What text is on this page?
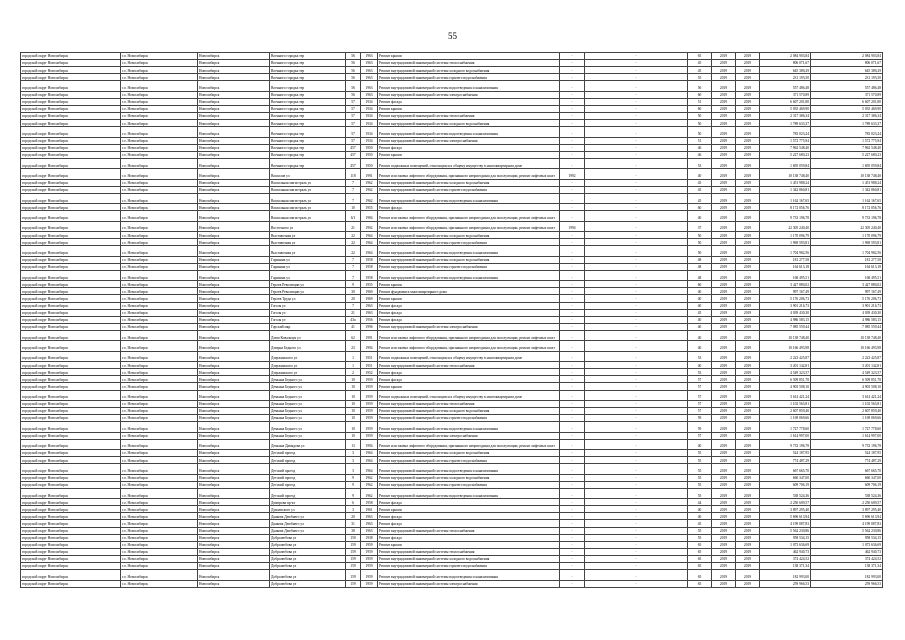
55
городской округ Новосибирск	г.о. Новосибирск	Новосибирск	Военного городка тер	56	1963	Ремонт крыши	-	-	65	2019	2019	2 084 903,84	2 084 903,84
городской округ Новосибирск	г.о. Новосибирск	Новосибирск	Военного городка тер	56	1963	Ремонт внутридомовой инженерной системы теплоснабжения	-	-	45	2019	2019	806 071,67	806 071,67
городской округ Новосибирск	г.о. Новосибирск	Новосибирск	Военного городка тер	56	1963	Ремонт внутридомовой инженерной системы холодного водоснабжения	-	-	45	2019	2019	645 380,29	645 380,29
городской округ Новосибирск	г.о. Новосибирск	Новосибирск	Военного городка тер	56	1963	Ремонт внутридомовой инженерной системы горячего водоснабжения	-	-	55	2019	2019	231 193,50	231 193,50
городской округ Новосибирск	г.о. Новосибирск	Новосибирск	Военного городка тер	56	1963	Ремонт внутридомовой инженерной системы водоотведения и канализования	-	-	56	2019	2019	557 486,48	557 486,48
городской округ Новосибирск	г.о. Новосибирск	Новосибирск	Военного городка тер	56	1963	Ремонт внутридомовой инженерной системы электроснабжения	-	-	60	2019	2019	371 570,89	371 570,89
городской округ Новосибирск	г.о. Новосибирск	Новосибирск	Военного городка тер	57	1934	Ремонт фасада	-	-	51	2019	2019	6 607 201,80	6 607 201,80
городской округ Новосибирск	г.о. Новосибирск	Новосибирск	Военного городка тер	57	1934	Ремонт крыши	-	-	60	2019	2019	5 035 469,90	5 035 469,90
городской округ Новосибирск	г.о. Новосибирск	Новосибирск	Военного городка тер	57	1934	Ремонт внутридомовой инженерной системы теплоснабжения	-	-	50	2019	2019	2 317 386,34	2 317 386,34
городской округ Новосибирск	г.о. Новосибирск	Новосибирск	Военного городка тер	57	1934	Ремонт внутридомовой инженерной системы холодного водоснабжения	-	-	50	2019	2019	1 789 633,37	1 789 633,37
городской округ Новосибирск	г.о. Новосибирск	Новосибирск	Военного городка тер	57	1934	Ремонт внутридомовой инженерной системы водоотведения и канализования	-	-	50	2019	2019	783 023,24	783 023,24
городской округ Новосибирск	г.о. Новосибирск	Новосибирск	Военного городка тер	57	1934	Ремонт внутридомовой инженерной системы электроснабжения	-	-	51	2019	2019	1 572 775,94	1 572 775,94
городской округ Новосибирск	г.о. Новосибирск	Новосибирск	Военного городка тер	457	1950	Ремонт фасада	-	-	46	2019	2019	7 962 548,40	7 962 548,40
городской округ Новосибирск	г.о. Новосибирск	Новосибирск	Военного городка тер	457	1950	Ремонт крыши	-	-	46	2019	2019	5 227 680,23	5 227 680,23
городской округ Новосибирск	г.о. Новосибирск	Новосибирск	Военного городка тер	457	1950	Ремонт подвальных помещений, относящихся к общему имуществу в многоквартирном доме	-	-	53	2019	2019	1 695 059,84	1 695 059,84
городской округ Новосибирск	г.о. Новосибирск	Новосибирск	Вокзалов ул	118	1991	Ремонт или замена лифтового оборудования, признанного непригодным для эксплуатации, ремонт лифтовых шахт	1992	-	40	2019	2019	10 138 748,40	10 138 748,40
городской округ Новосибирск	г.о. Новосибирск	Новосибирск	Вокзальная магистраль ул	7	1962	Ремонт внутридомовой инженерной системы холодного водоснабжения	-	-	45	2019	2019	1 451 988,24	1 451 988,24
городской округ Новосибирск	г.о. Новосибирск	Новосибирск	Вокзальная магистраль ул	7	1962	Ремонт внутридомовой инженерной системы горячего водоснабжения	-	-	45	2019	2019	1 342 860,81	1 342 860,81
городской округ Новосибирск	г.о. Новосибирск	Новосибирск	Вокзальная магистраль ул	7	1962	Ремонт внутридомовой инженерной системы водоотведения и канализования	-	-	45	2019	2019	1 162 167,65	1 162 167,65
городской округ Новосибирск	г.о. Новосибирск	Новосибирск	Вокзальная магистраль ул	10	1955	Ремонт фасада	-	-	60	2019	2019	8 172 056,76	8 172 056,76
городской округ Новосибирск	г.о. Новосибирск	Новосибирск	Вокзальная магистраль ул	6/1	1984	Ремонт или замена лифтового оборудования, признанного непригодным для эксплуатации, ремонт лифтовых шахт	-	-	40	2019	2019	9 733 196,78	9 733 196,78
городской округ Новосибирск	г.о. Новосибирск	Новосибирск	Восточного ул	21	1992	Ремонт или замена лифтового оборудования, признанного непригодным для эксплуатации, ремонт лифтовых шахт	1994	-	37	2019	2019	22 305 240,40	22 305 240,40
городской округ Новосибирск	г.о. Новосибирск	Новосибирск	Выставочная ул	22	1964	Ремонт внутридомовой инженерной системы холодного водоснабжения	-	-	50	2019	2019	1 170 096,79	1 170 096,79
городской округ Новосибирск	г.о. Новосибирск	Новосибирск	Выставочная ул	22	1964	Ремонт внутридомовой инженерной системы горячего водоснабжения	-	-	50	2019	2019	1 969 593,81	1 969 593,81
городской округ Новосибирск	г.о. Новосибирск	Новосибирск	Выставочная ул	22	1964	Ремонт внутридомовой инженерной системы водоотведения и канализования	-	-	50	2019	2019	1 704 982,56	1 704 982,56
городской округ Новосибирск	г.о. Новосибирск	Новосибирск	Гаранина ул	7	1958	Ремонт внутридомовой инженерной системы холодного водоснабжения	-	-	48	2019	2019	181 277,58	181 277,58
городской округ Новосибирск	г.о. Новосибирск	Новосибирск	Гаранина ул	7	1958	Ремонт внутридомовой инженерной системы горячего водоснабжения	-	-	48	2019	2019	164 613,18	164 613,18
городской округ Новосибирск	г.о. Новосибирск	Новосибирск	Гаранина ул	7	1958	Ремонт внутридомовой инженерной системы водоотведения и канализования	-	-	48	2019	2019	168 495,51	168 495,51
городской округ Новосибирск	г.о. Новосибирск	Новосибирск	Героев Революции ул	9	1955	Ремонт крыши	-	-	60	2019	2019	3 427 880,02	3 427 880,02
городской округ Новосибирск	г.о. Новосибирск	Новосибирск	Героев Революции ул	30	1960	Ремонт фундамента многоквартирного дома	-	-	40	2019	2019	997 167,49	997 167,49
городской округ Новосибирск	г.о. Новосибирск	Новосибирск	Героев Труда ул	20	1969	Ремонт крыши	-	-	40	2019	2019	5 176 206,73	5 176 206,73
городской округ Новосибирск	г.о. Новосибирск	Новосибирск	Гоголя ул	7	1963	Ремонт фасада	-	-	40	2019	2019	3 901 216,73	3 901 216,73
городской округ Новосибирск	г.о. Новосибирск	Новосибирск	Гоголя ул	21	1963	Ремонт фасада	-	-	45	2019	2019	4 039 430,30	4 039 430,30
городской округ Новосибирск	г.о. Новосибирск	Новосибирск	Гоголя ул	43а	1956	Ремонт фасада	-	-	40	2019	2019	4 986 583,15	4 986 583,15
городской округ Новосибирск	г.о. Новосибирск	Новосибирск	Горский мкр	41	1996	Ремонт внутридомовой инженерной системы электроснабжения	-	-	40	2019	2019	7 085 559,44	7 085 559,44
городской округ Новосибирск	г.о. Новосибирск	Новосибирск	Дзюи Ковальчук ул	62	1991	Ремонт или замена лифтового оборудования, признанного непригодным для эксплуатации, ремонт лифтовых шахт	-	-	40	2019	2019	10 138 748,40	10 138 748,40
городской округ Новосибирск	г.о. Новосибирск	Новосибирск	Дзюрна Бедного ул	23	1994	Ремонт или замена лифтового оборудования, признанного непригодным для эксплуатации, ремонт лифтовых шахт	-	-	40	2019	2019	10 166 493,98	10 166 493,98
городской округ Новосибирск	г.о. Новосибирск	Новосибирск	Дзержинского ул	1	1951	Ремонт подвальных помещений, относящихся к общему имуществу в многоквартирном доме	-	-	53	2019	2019	2 223 425,87	2 223 425,87
городской округ Новосибирск	г.о. Новосибирск	Новосибирск	Дзержинского ул	1	1951	Ремонт внутридомовой инженерной системы теплоснабжения	-	-	40	2019	2019	3 201 142,81	3 201 142,81
городской округ Новосибирск	г.о. Новосибирск	Новосибирск	Дзержинского ул	2	1952	Ремонт фасада	-	-	53	2019	2019	4 549 323,57	4 549 323,57
городской округ Новосибирск	г.о. Новосибирск	Новосибирск	Демьяна Бедного ул	10	1959	Ремонт фасада	-	-	57	2019	2019	6 509 851,78	6 509 851,78
городской округ Новосибирск	г.о. Новосибирск	Новосибирск	Демьяна Бедного ул	10	1959	Ремонт крыши	-	-	57	2019	2019	4 903 508,10	4 903 508,10
городской округ Новосибирск	г.о. Новосибирск	Новосибирск	Демьяна Бедного ул	10	1959	Ремонт подвальных помещений, относящихся к общему имуществу в многоквартирном доме	-	-	57	2019	2019	3 614 421,24	3 614 421,24
городской округ Новосибирск	г.о. Новосибирск	Новосибирск	Демьяна Бедного ул	10	1959	Ремонт внутридомовой инженерной системы теплоснабжения	-	-	57	2019	2019	1 102 563,81	1 102 563,81
городской округ Новосибирск	г.о. Новосибирск	Новосибирск	Демьяна Бедного ул	10	1959	Ремонт внутридомовой инженерной системы холодного водоснабжения	-	-	57	2019	2019	2 607 859,40	2 607 859,40
городской округ Новосибирск	г.о. Новосибирск	Новосибирск	Демьяна Бедного ул	10	1959	Ремонт внутридомовой инженерной системы горячего водоснабжения	-	-	59	2019	2019	1 169 069,66	1 169 069,66
городской округ Новосибирск	г.о. Новосибирск	Новосибирск	Демьяна Бедного ул	10	1959	Ремонт внутридомовой инженерной системы водоотведения и канализования	-	-	59	2019	2019	1 727 778,60	1 727 778,60
городской округ Новосибирск	г.о. Новосибирск	Новосибирск	Демьяна Бедного ул	10	1959	Ремонт внутридомовой инженерной системы электроснабжения	-	-	57	2019	2019	1 614 997,00	1 614 997,00
городской округ Новосибирск	г.о. Новосибирск	Новосибирск	Демьяна Давыдова ул	13	1994	Ремонт или замена лифтового оборудования, признанного непригодным для эксплуатации, ремонт лифтовых шахт	-	-	40	2019	2019	9 733 196,78	9 733 196,78
городской округ Новосибирск	г.о. Новосибирск	Новосибирск	Детский проезд	3	1964	Ремонт внутридомовой инженерной системы холодного водоснабжения	-	-	55	2019	2019	524 187,95	524 187,95
городской округ Новосибирск	г.о. Новосибирск	Новосибирск	Детский проезд	3	1964	Ремонт внутридомовой инженерной системы горячего водоснабжения	-	-	55	2019	2019	774 487,29	774 487,29
городской округ Новосибирск	г.о. Новосибирск	Новосибирск	Детский проезд	3	1964	Ремонт внутридомовой инженерной системы водоотведения и канализования	-	-	55	2019	2019	667 665,70	667 665,70
городской округ Новосибирск	г.о. Новосибирск	Новосибирск	Детский проезд	9	1962	Ремонт внутридомовой инженерной системы холодного водоснабжения	-	-	55	2019	2019	660 347,00	660 347,00
городской округ Новосибирск	г.о. Новосибирск	Новосибирск	Детский проезд	9	1962	Ремонт внутридомовой инженерной системы горячего водоснабжения	-	-	55	2019	2019	609 706,19	609 706,19
городской округ Новосибирск	г.о. Новосибирск	Новосибирск	Детский проезд	9	1962	Ремонт внутридомовой инженерной системы водоотведения и канализования	-	-	55	2019	2019	538 524,36	538 524,36
городской округ Новосибирск	г.о. Новосибирск	Новосибирск	Дмитрова пр-кт	6	1958	Ремонт фасада	-	-	44	2019	2019	2 250 609,57	2 250 609,57
городской округ Новосибирск	г.о. Новосибирск	Новосибирск	Дунаевского ул	3	1961	Ремонт крыши	-	-	40	2019	2019	3 897 295,40	3 897 295,40
городской округ Новосибирск	г.о. Новосибирск	Новосибирск	Дьякова Дзюбнего ул	20	1963	Ремонт фасада	-	-	40	2019	2019	5 696 613,94	5 696 613,94
городской округ Новосибирск	г.о. Новосибирск	Новосибирск	Дьякова Дзюбнего ул	31	1963	Ремонт фасада	-	-	45	2019	2019	4 199 087,83	4 199 087,83
городской округ Новосибирск	г.о. Новосибирск	Новосибирск	Дьякова Дзюбнего ул	38	1963	Ремонт внутридомовой инженерной системы теплоснабжения	-	-	55	2019	2019	5 562 230,86	5 562 230,86
городской округ Новосибирск	г.о. Новосибирск	Новосибирск	Добролюбова ул	150	1938	Ремонт фасада	-	-	55	2019	2019	958 534,15	958 534,15
городской округ Новосибирск	г.о. Новосибирск	Новосибирск	Добролюбова ул	159	1959	Ремонт крыши	-	-	65	2019	2019	1 073 636,69	1 073 636,69
городской округ Новосибирск	г.о. Новосибирск	Новосибирск	Добролюбова ул	159	1959	Ремонт внутридомовой инженерной системы теплоснабжения	-	-	65	2019	2019	462 940,73	462 940,73
городской округ Новосибирск	г.о. Новосибирск	Новосибирск	Добролюбова ул	159	1959	Ремонт внутридомовой инженерной системы холодного водоснабжения	-	-	65	2019	2019	374 424,52	374 424,52
городской округ Новосибирск	г.о. Новосибирск	Новосибирск	Добролюбова ул	159	1959	Ремонт внутридомовой инженерной системы горячего водоснабжения	-	-	65	2019	2019	138 371,34	138 371,34
городской округ Новосибирск	г.о. Новосибирск	Новосибирск	Добролюбова ул	159	1959	Ремонт внутридомовой инженерной системы водоотведения и канализования	-	-	65	2019	2019	182 993,00	182 993,00
городской округ Новосибирск	г.о. Новосибирск	Новосибирск	Добролюбова ул	159	1959	Ремонт внутридомовой инженерной системы электроснабжения	-	-	65	2019	2019	259 966,53	259 966,53
